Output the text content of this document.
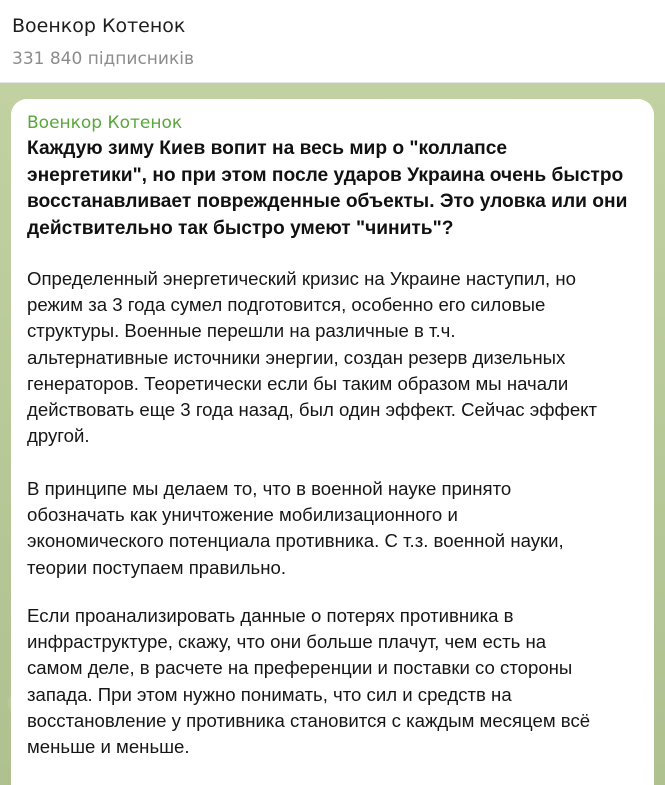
Военкор Котенок
331 840 підписників
Военкор Котенок
Каждую зиму Киев вопит на весь мир о "коллапсе
энергетики", но при этом после ударов Украина очень быстро
восстанавливает поврежденные объекты. Это уловка или они
действительно так быстро умеют "чинить"?
Определенный энергетический кризис на Украине наступил, но
режим за 3 года сумел подготовится, особенно его силовые
структуры. Военные перешли на различные в т.ч.
альтернативные источники энергии, создан резерв дизельных
генераторов. Теоретически если бы таким образом мы начали
действовать еще 3 года назад, был один эффект. Сейчас эффект
другой.
В принципе мы делаем то, что в военной науке принято
обозначать как уничтожение мобилизационного и
экономического потенциала противника. С т.з. военной науки,
теории поступаем правильно.
Если проанализировать данные о потерях противника в
инфраструктуре, скажу, что они больше плачут, чем есть на
самом деле, в расчете на преференции и поставки со стороны
запада. При этом нужно понимать, что сил и средств на
восстановление у противника становится с каждым месяцем всё
меньше и меньше.
